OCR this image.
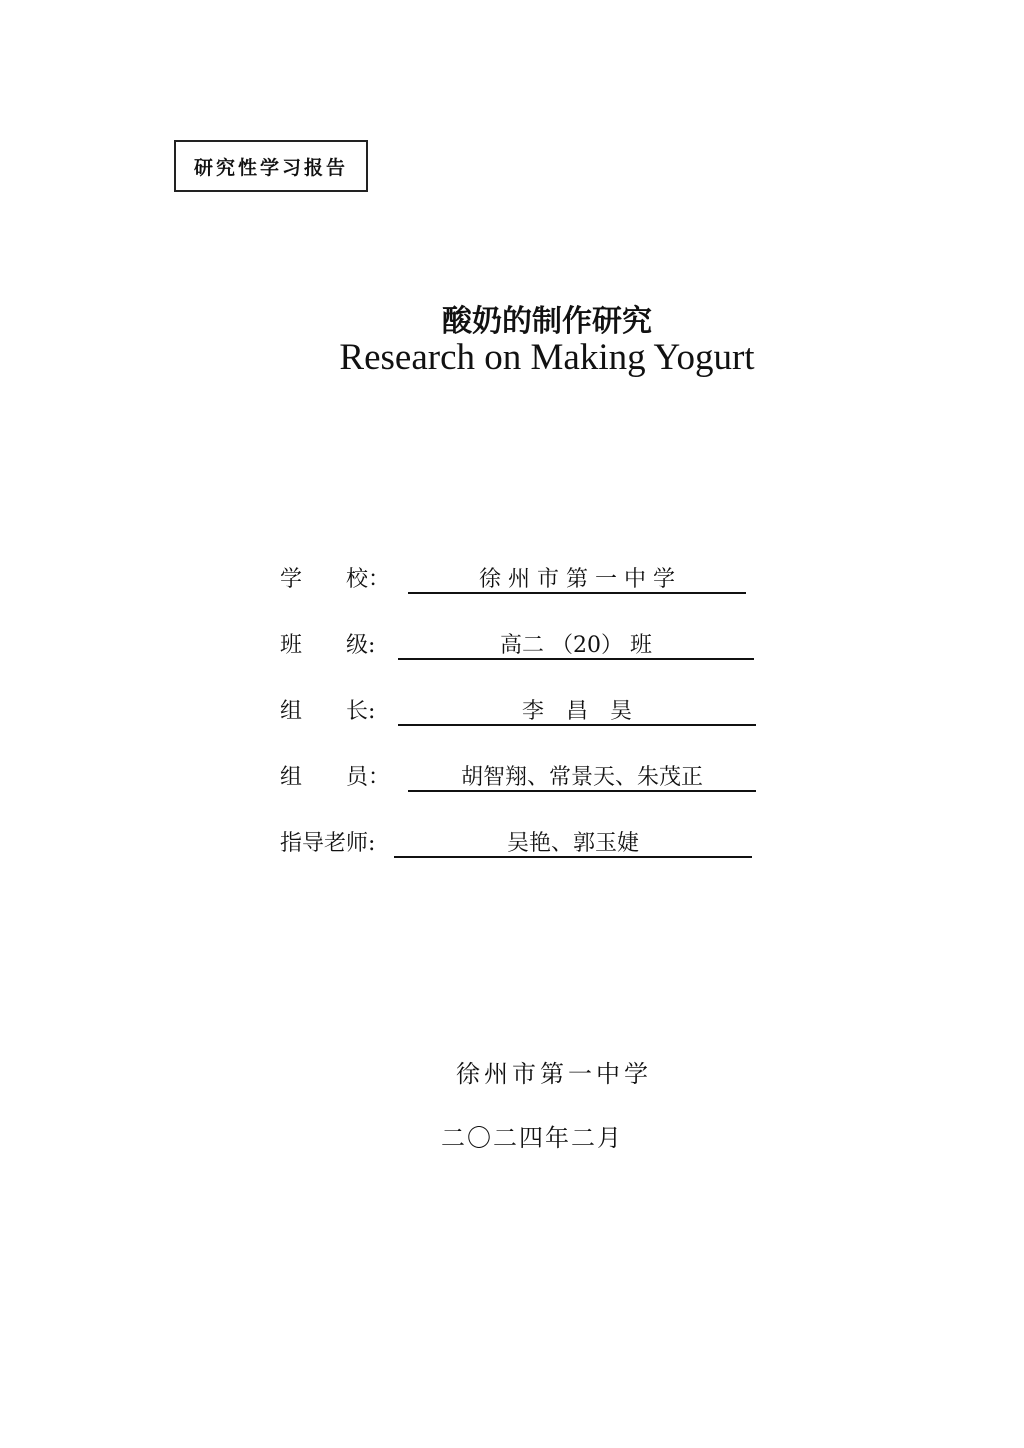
研究性学习报告
酸奶的制作研究
Research on Making Yogurt
学　　校：	徐 州 市 第 一 中 学
班　　级:	高二 （20） 班
组　　长:	李　昌　昊
组　　员：	胡智翔、常景天、朱茂正
指导老师:	吴艳、郭玉婕
徐州市第一中学
二〇二四年二月
